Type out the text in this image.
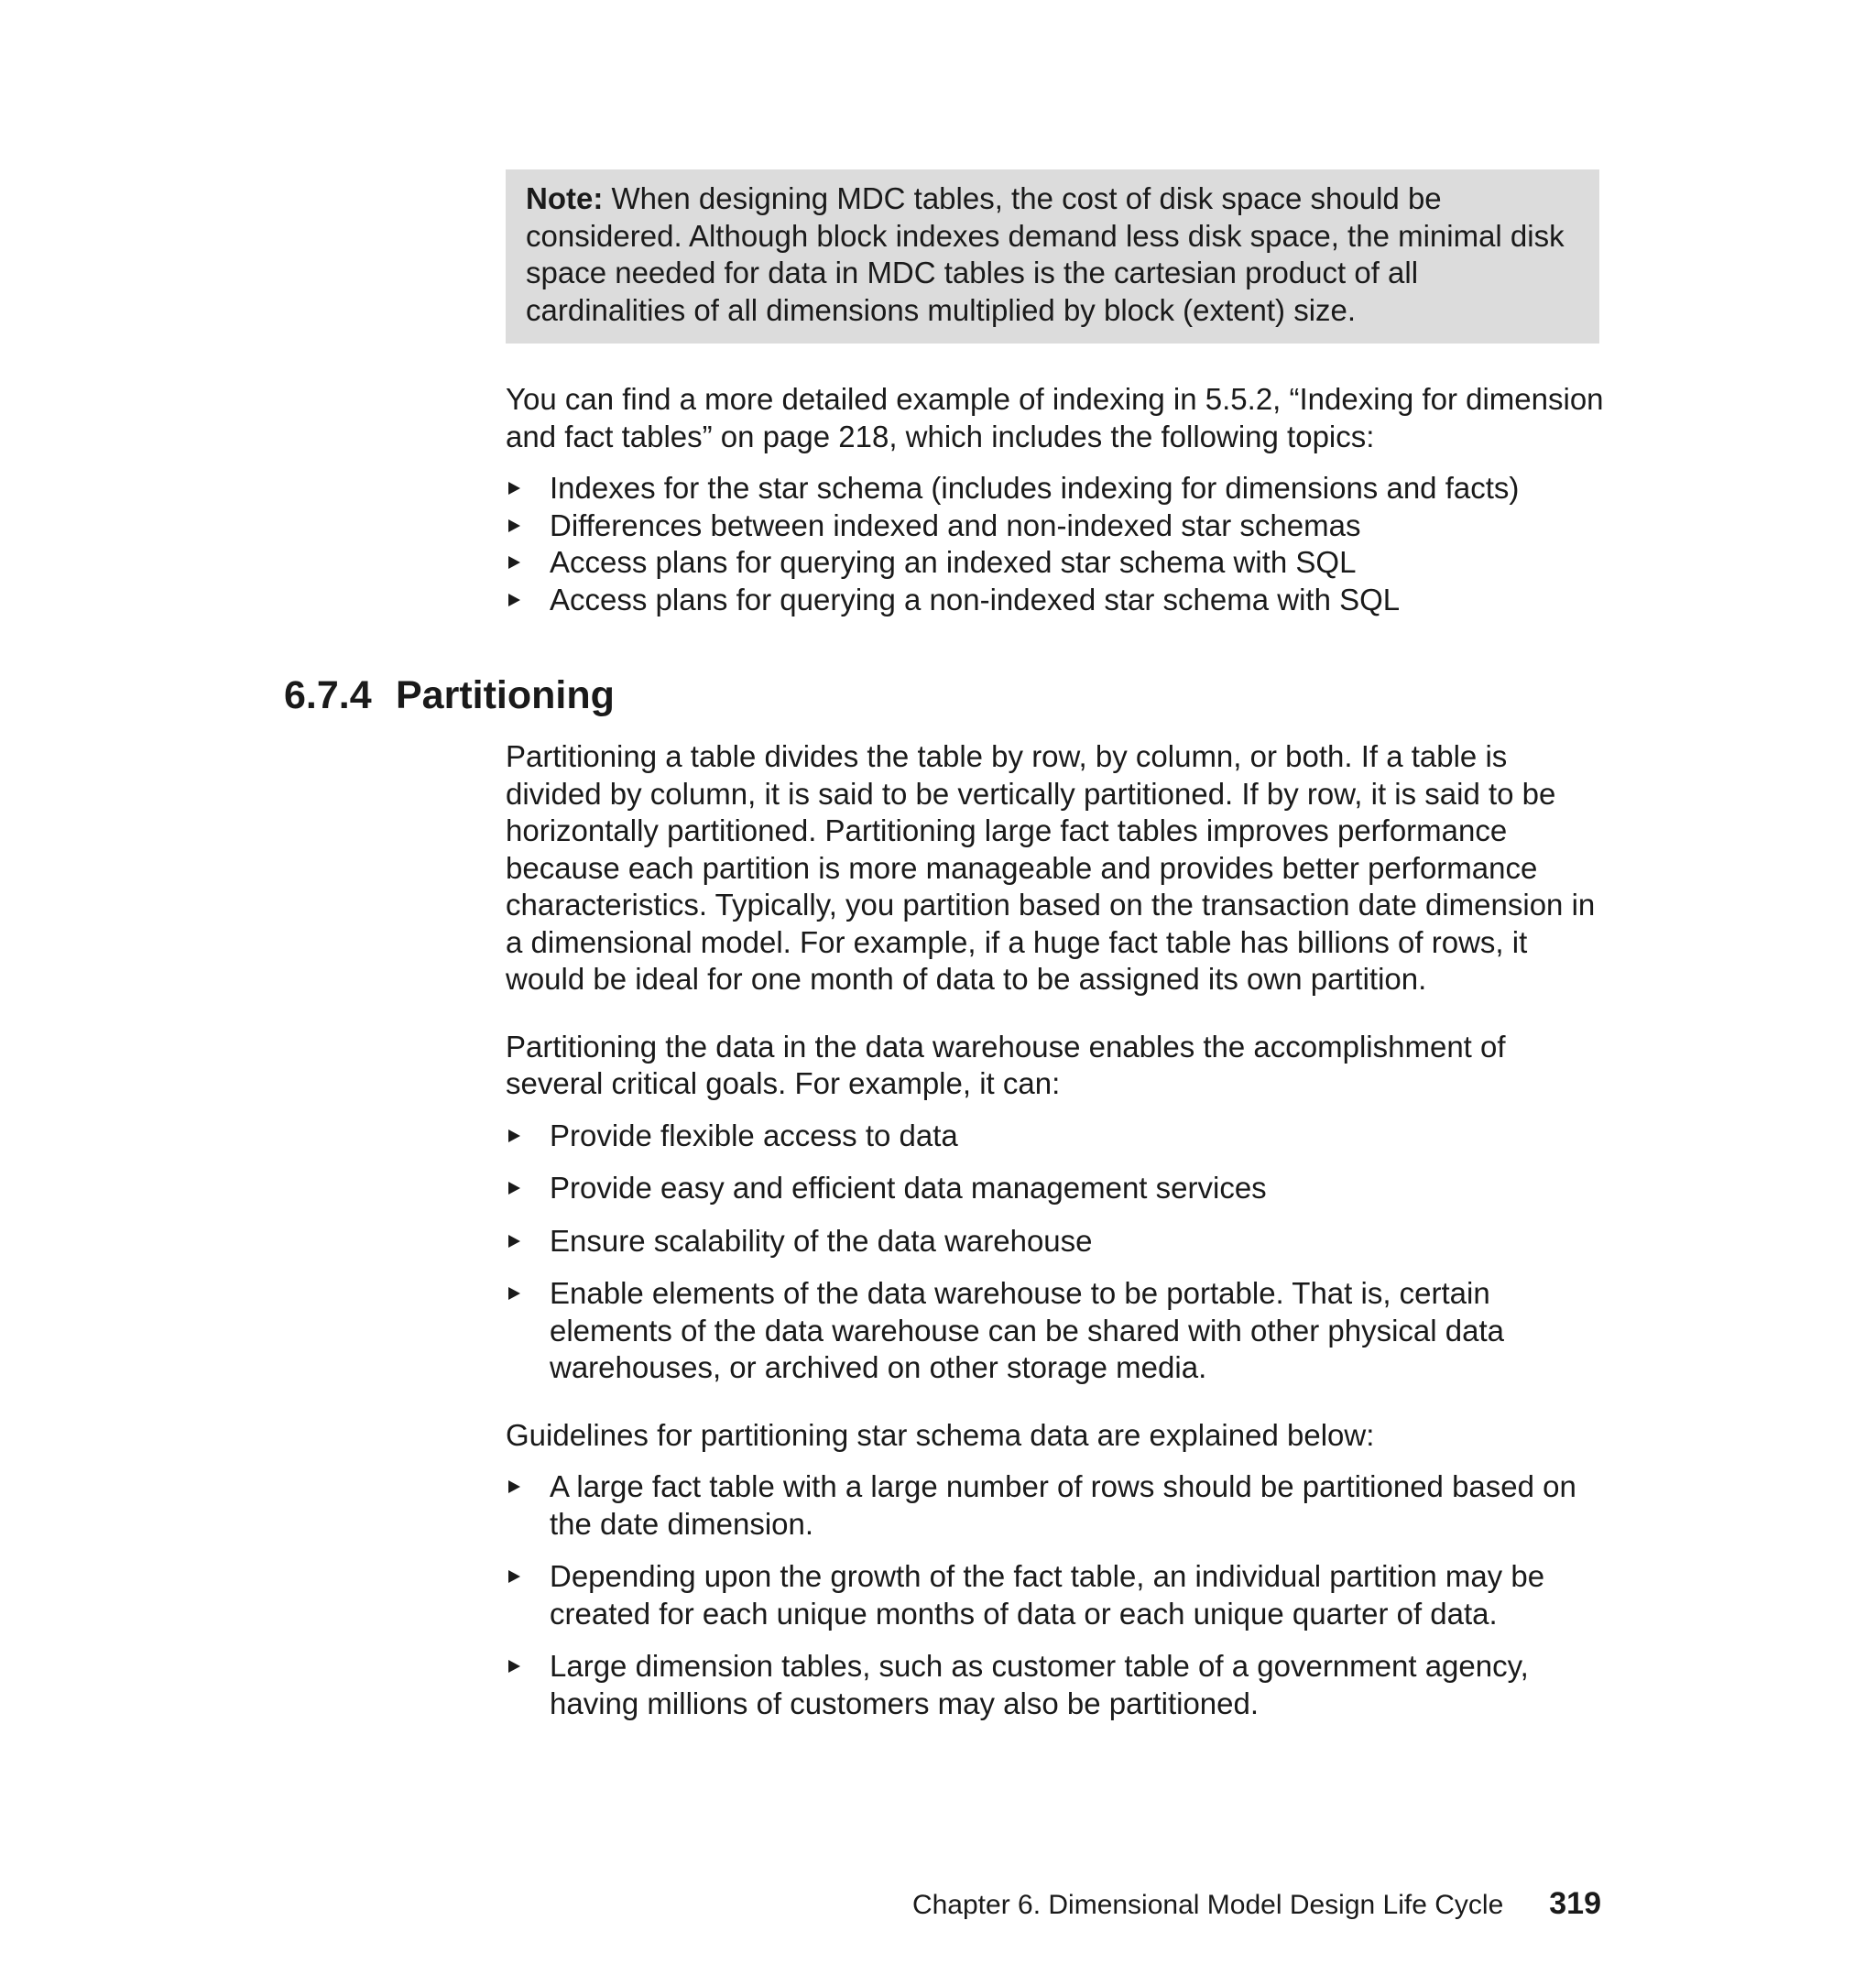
Note: When designing MDC tables, the cost of disk space should be considered. Although block indexes demand less disk space, the minimal disk space needed for data in MDC tables is the cartesian product of all cardinalities of all dimensions multiplied by block (extent) size.

You can find a more detailed example of indexing in 5.5.2, “Indexing for dimension and fact tables” on page 218, which includes the following topics:

Indexes for the star schema (includes indexing for dimensions and facts)
Differences between indexed and non-indexed star schemas
Access plans for querying an indexed star schema with SQL
Access plans for querying a non-indexed star schema with SQL
6.7.4 Partitioning

Partitioning a table divides the table by row, by column, or both. If a table is divided by column, it is said to be vertically partitioned. If by row, it is said to be horizontally partitioned. Partitioning large fact tables improves performance because each partition is more manageable and provides better performance characteristics. Typically, you partition based on the transaction date dimension in a dimensional model. For example, if a huge fact table has billions of rows, it would be ideal for one month of data to be assigned its own partition.

Partitioning the data in the data warehouse enables the accomplishment of several critical goals. For example, it can:

Provide flexible access to data
Provide easy and efficient data management services
Ensure scalability of the data warehouse
Enable elements of the data warehouse to be portable. That is, certain elements of the data warehouse can be shared with other physical data warehouses, or archived on other storage media.

Guidelines for partitioning star schema data are explained below:

A large fact table with a large number of rows should be partitioned based on the date dimension.
Depending upon the growth of the fact table, an individual partition may be created for each unique months of data or each unique quarter of data.
Large dimension tables, such as customer table of a government agency, having millions of customers may also be partitioned.
Chapter 6. Dimensional Model Design Life Cycle 319
